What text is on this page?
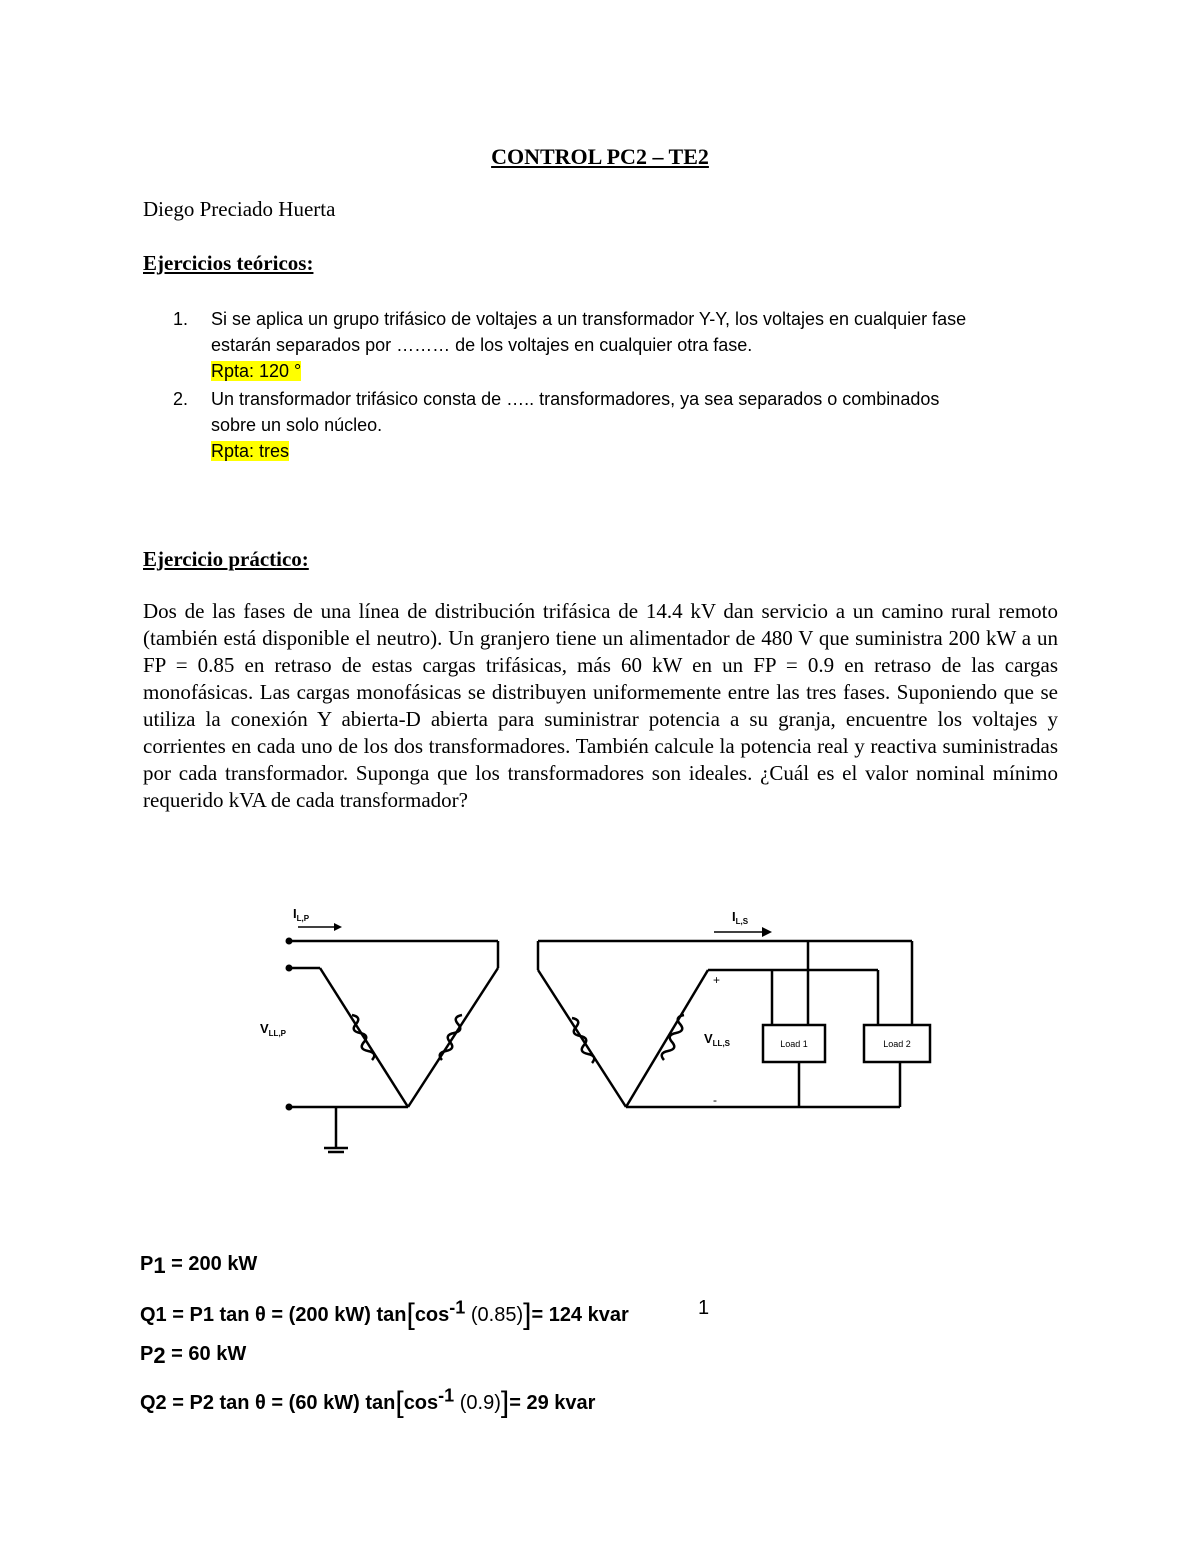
CONTROL PC2 – TE2
Diego Preciado Huerta
Ejercicios teóricos:
1. Si se aplica un grupo trifásico de voltajes a un transformador Y-Y, los voltajes en cualquier fase
estarán separados por ……… de los voltajes en cualquier otra fase.
Rpta: 120 °
2. Un transformador trifásico consta de ….. transformadores, ya sea separados o combinados
sobre un solo núcleo.
Rpta: tres
Ejercicio práctico:
Dos de las fases de una línea de distribución trifásica de 14.4 kV dan servicio a un camino rural remoto (también está disponible el neutro). Un granjero tiene un alimentador de 480 V que suministra 200 kW a un FP = 0.85 en retraso de estas cargas trifásicas, más 60 kW en un FP = 0.9 en retraso de las cargas monofásicas. Las cargas monofásicas se distribuyen uniformemente entre las tres fases. Suponiendo que se utiliza la conexión Y abierta-D abierta para suministrar potencia a su granja, encuentre los voltajes y corrientes en cada uno de los dos transformadores. También calcule la potencia real y reactiva suministradas por cada transformador. Suponga que los transformadores son ideales. ¿Cuál es el valor nominal mínimo requerido kVA de cada transformador?
$I_{L,P}$
$V_{LL,P}$
$I_{L,S}$
$V_{LL,S}$
+
-
Load 1	Load 2
P1 = 200 kW
Q1 = P1 tan θ = (200 kW) $\tan[\cos^{-1}$ (0.85)]= 124 kvar	1
P2 = 60 kW
Q2 = P2 tan θ = (60 kW) $\tan[\cos^{-1}$ (0.9)]= 29 kvar
